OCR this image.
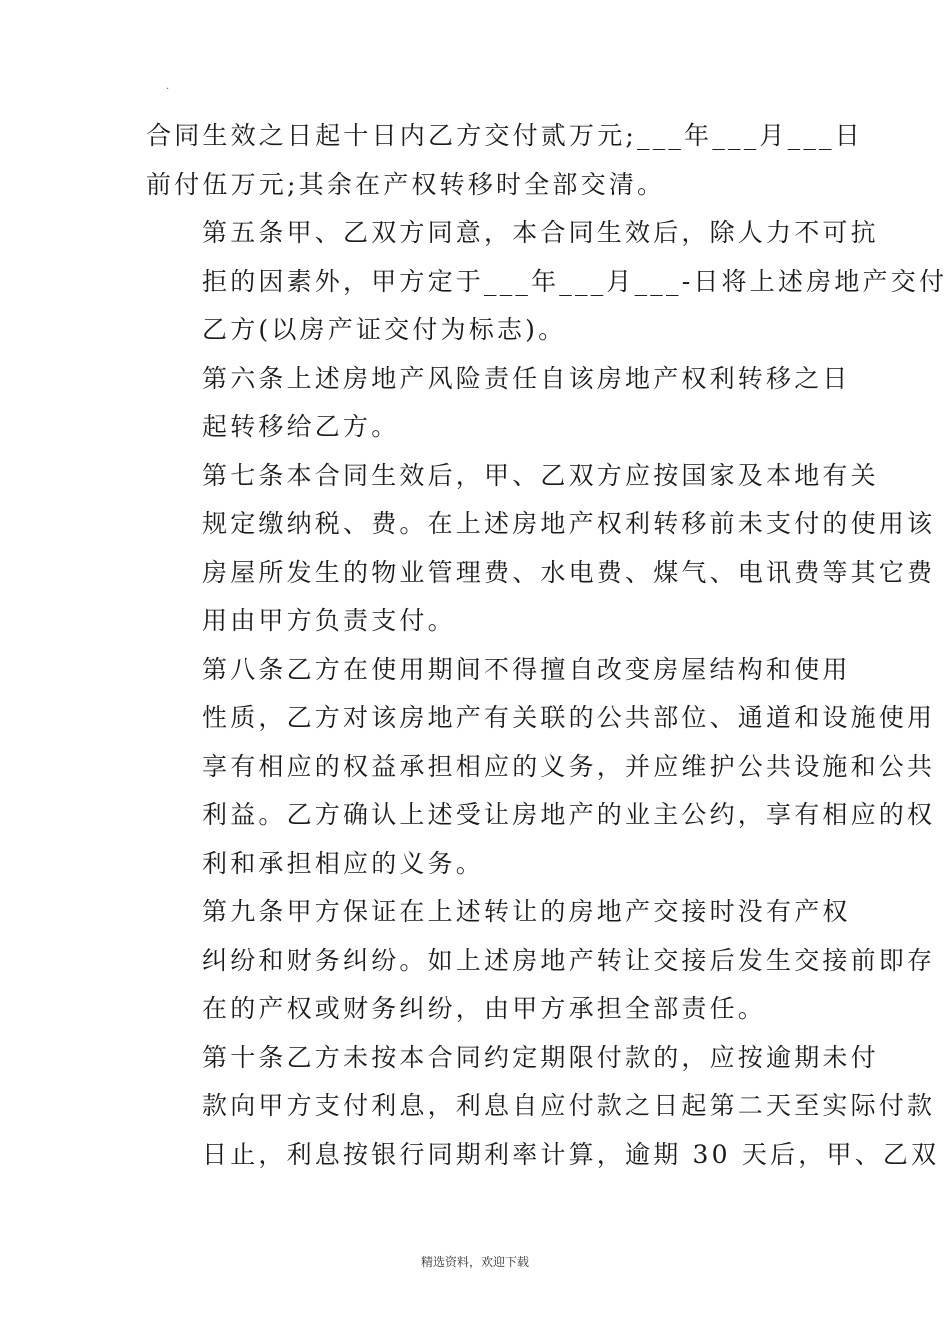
·

合同生效之日起十日内乙方交付贰万元;___年___月___日
前付伍万元;其余在产权转移时全部交清。

第五条甲、乙双方同意，本合同生效后，除人力不可抗
拒的因素外，甲方定于___年___月___-日将上述房地产交付
乙方(以房产证交付为标志)。

第六条上述房地产风险责任自该房地产权利转移之日
起转移给乙方。

第七条本合同生效后，甲、乙双方应按国家及本地有关
规定缴纳税、费。在上述房地产权利转移前未支付的使用该
房屋所发生的物业管理费、水电费、煤气、电讯费等其它费
用由甲方负责支付。

第八条乙方在使用期间不得擅自改变房屋结构和使用
性质，乙方对该房地产有关联的公共部位、通道和设施使用
享有相应的权益承担相应的义务，并应维护公共设施和公共
利益。乙方确认上述受让房地产的业主公约，享有相应的权
利和承担相应的义务。

第九条甲方保证在上述转让的房地产交接时没有产权
纠纷和财务纠纷。如上述房地产转让交接后发生交接前即存
在的产权或财务纠纷，由甲方承担全部责任。

第十条乙方未按本合同约定期限付款的，应按逾期未付
款向甲方支付利息，利息自应付款之日起第二天至实际付款
日止，利息按银行同期利率计算，逾期 30 天后，甲、乙双

精选资料，欢迎下载
